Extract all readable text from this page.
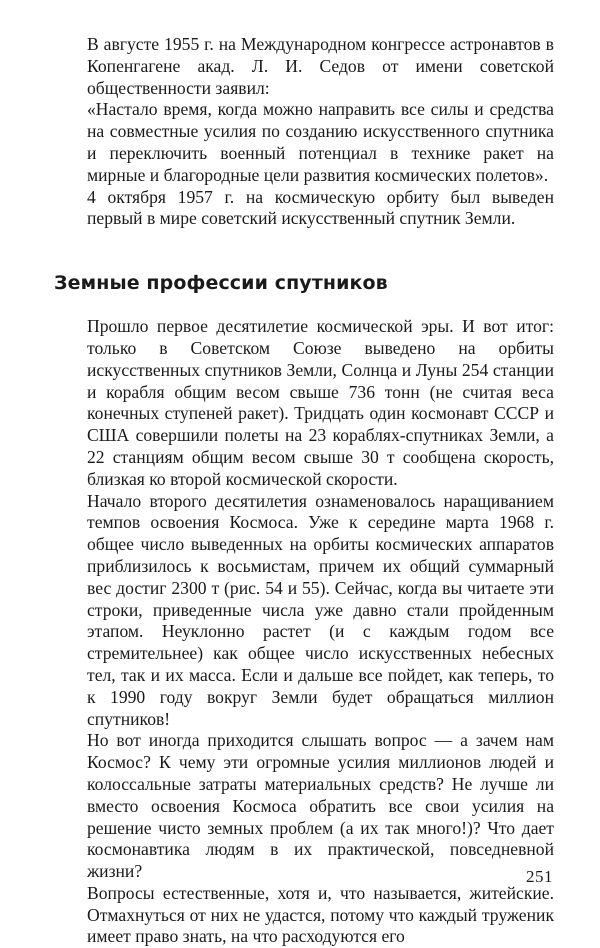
В августе 1955 г. на Международном конгрессе астронавтов в Копенгагене акад. Л. И. Седов от имени советской общественности заявил:

«Настало время, когда можно направить все силы и средства на совместные усилия по созданию искусственного спутника и переключить военный потенциал в технике ракет на мирные и благородные цели развития космических полетов».

4 октября 1957 г. на космическую орбиту был выведен первый в мире советский искусственный спутник Земли.

Земные профессии спутников

Прошло первое десятилетие космической эры. И вот итог: только в Советском Союзе выведено на орбиты искусственных спутников Земли, Солнца и Луны 254 станции и корабля общим весом свыше 736 тонн (не считая веса конечных ступеней ракет). Тридцать один космонавт СССР и США совершили полеты на 23 кораблях-спутниках Земли, а 22 станциям общим весом свыше 30 т сообщена скорость, близкая ко второй космической скорости.

Начало второго десятилетия ознаменовалось наращиванием темпов освоения Космоса. Уже к середине марта 1968 г. общее число выведенных на орбиты космических аппаратов приблизилось к восьмистам, причем их общий суммарный вес достиг 2300 т (рис. 54 и 55). Сейчас, когда вы читаете эти строки, приведенные числа уже давно стали пройденным этапом. Неуклонно растет (и с каждым годом все стремительнее) как общее число искусственных небесных тел, так и их масса. Если и дальше все пойдет, как теперь, то к 1990 году вокруг Земли будет обращаться миллион спутников!

Но вот иногда приходится слышать вопрос — а зачем нам Космос? К чему эти огромные усилия миллионов людей и колоссальные затраты материальных средств? Не лучше ли вместо освоения Космоса обратить все свои усилия на решение чисто земных проблем (а их так много!)? Что дает космонавтика людям в их практической, повседневной жизни?

Вопросы естественные, хотя и, что называется, житейские. Отмахнуться от них не удастся, потому что каждый труженик имеет право знать, на что расходуются его

251
